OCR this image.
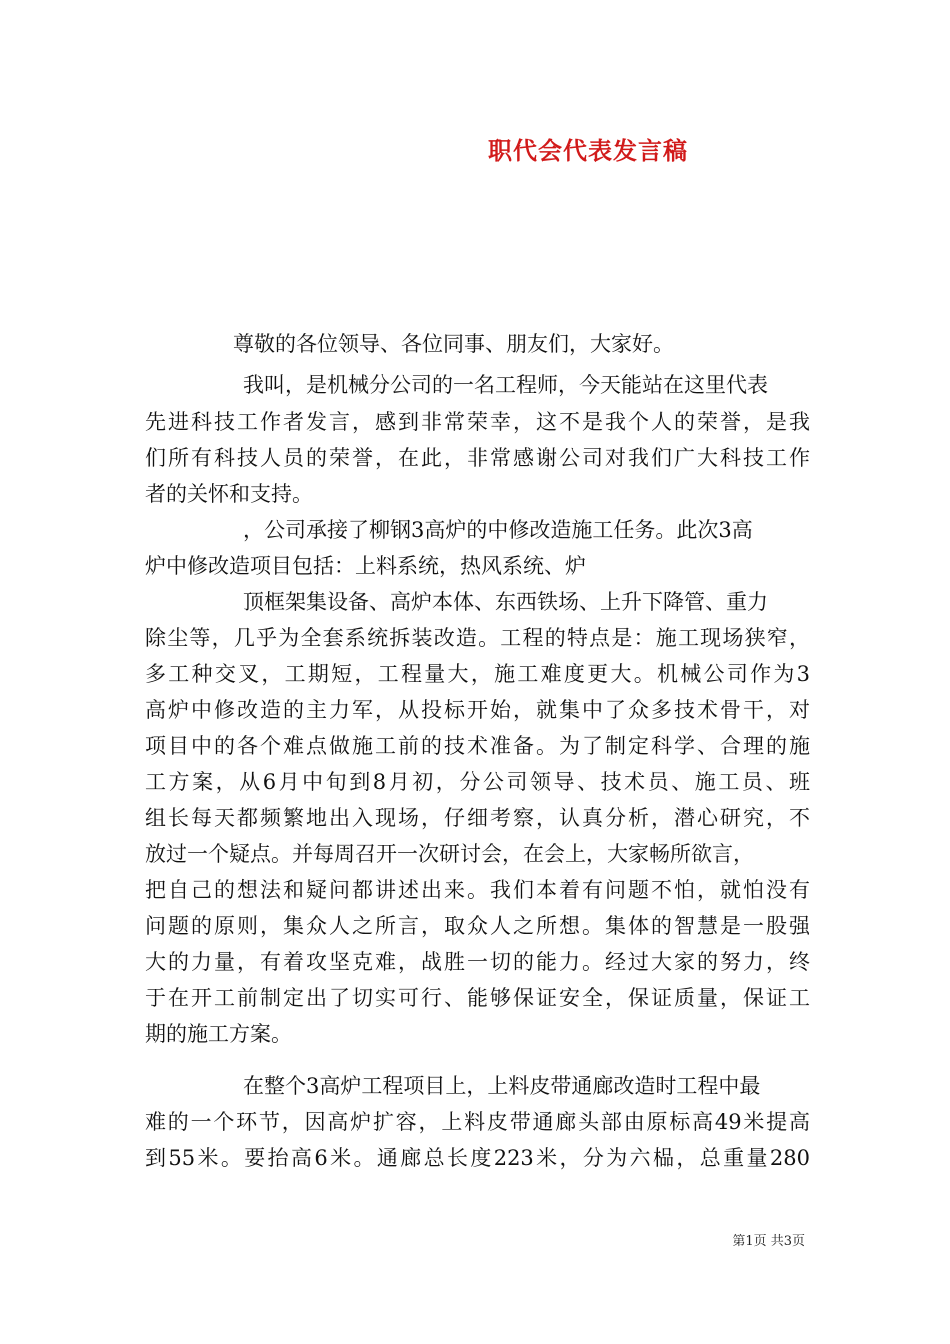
职代会代表发言稿
尊敬的各位领导、各位同事、朋友们，大家好。
我叫，是机械分公司的一名工程师，今天能站在这里代表
先进科技工作者发言，感到非常荣幸，这不是我个人的荣誉，是我
们所有科技人员的荣誉，在此，非常感谢公司对我们广大科技工作
者的关怀和支持。
，公司承接了柳钢3高炉的中修改造施工任务。此次3高
炉中修改造项目包括：上料系统，热风系统、炉
顶框架集设备、高炉本体、东西铁场、上升下降管、重力
除尘等，几乎为全套系统拆装改造。工程的特点是：施工现场狭窄，
多工种交叉，工期短，工程量大，施工难度更大。机械公司作为3
高炉中修改造的主力军，从投标开始，就集中了众多技术骨干，对
项目中的各个难点做施工前的技术准备。为了制定科学、合理的施
工方案，从6月中旬到8月初，分公司领导、技术员、施工员、班
组长每天都频繁地出入现场，仔细考察，认真分析，潜心研究，不
放过一个疑点。并每周召开一次研讨会，在会上，大家畅所欲言，
把自己的想法和疑问都讲述出来。我们本着有问题不怕，就怕没有
问题的原则，集众人之所言，取众人之所想。集体的智慧是一股强
大的力量，有着攻坚克难，战胜一切的能力。经过大家的努力，终
于在开工前制定出了切实可行、能够保证安全，保证质量，保证工
期的施工方案。
在整个3高炉工程项目上，上料皮带通廊改造时工程中最
难的一个环节，因高炉扩容，上料皮带通廊头部由原标高49米提高
到55米。要抬高6米。通廊总长度223米，分为六榀，总重量280
第1页 共3页
